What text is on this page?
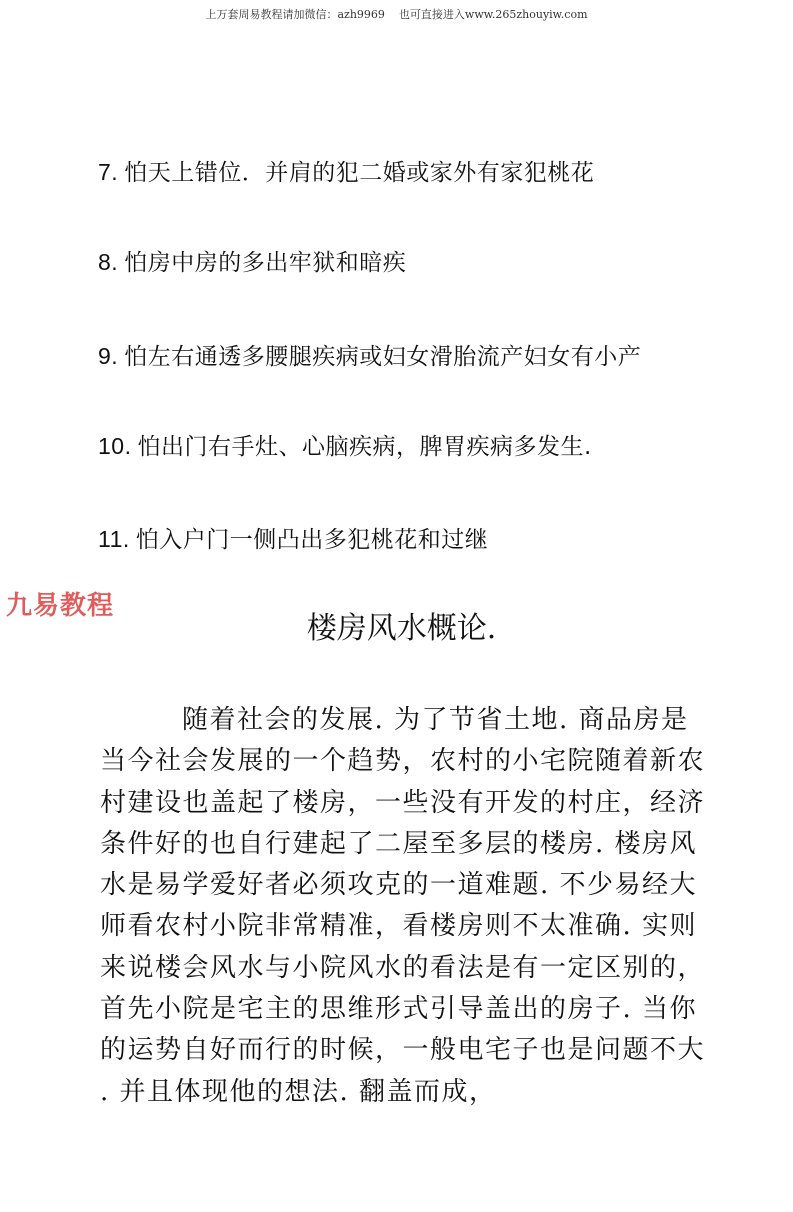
上万套周易教程请加微信：azh9969 也可直接进入www.265zhouyiw.com
7. 怕天上错位．并肩的犯二婚或家外有家犯桃花
8. 怕房中房的多出牢狱和暗疾
9. 怕左右通透多腰腿疾病或妇女滑胎流产妇女有小产
10. 怕出门右手灶、心脑疾病，脾胃疾病多发生.
11. 怕入户门一侧凸出多犯桃花和过继
九易教程
楼房风水概论.
随着社会的发展. 为了节省土地. 商品房是
当今社会发展的一个趋势，农村的小宅院随着新农
村建设也盖起了楼房，一些没有开发的村庄，经济
条件好的也自行建起了二屋至多层的楼房. 楼房风
水是易学爱好者必须攻克的一道难题. 不少易经大
师看农村小院非常精准，看楼房则不太准确. 实则
来说楼会风水与小院风水的看法是有一定区别的，
首先小院是宅主的思维形式引导盖出的房子. 当你
的运势自好而行的时候，一般电宅子也是问题不大
. 并且体现他的想法. 翻盖而成，
